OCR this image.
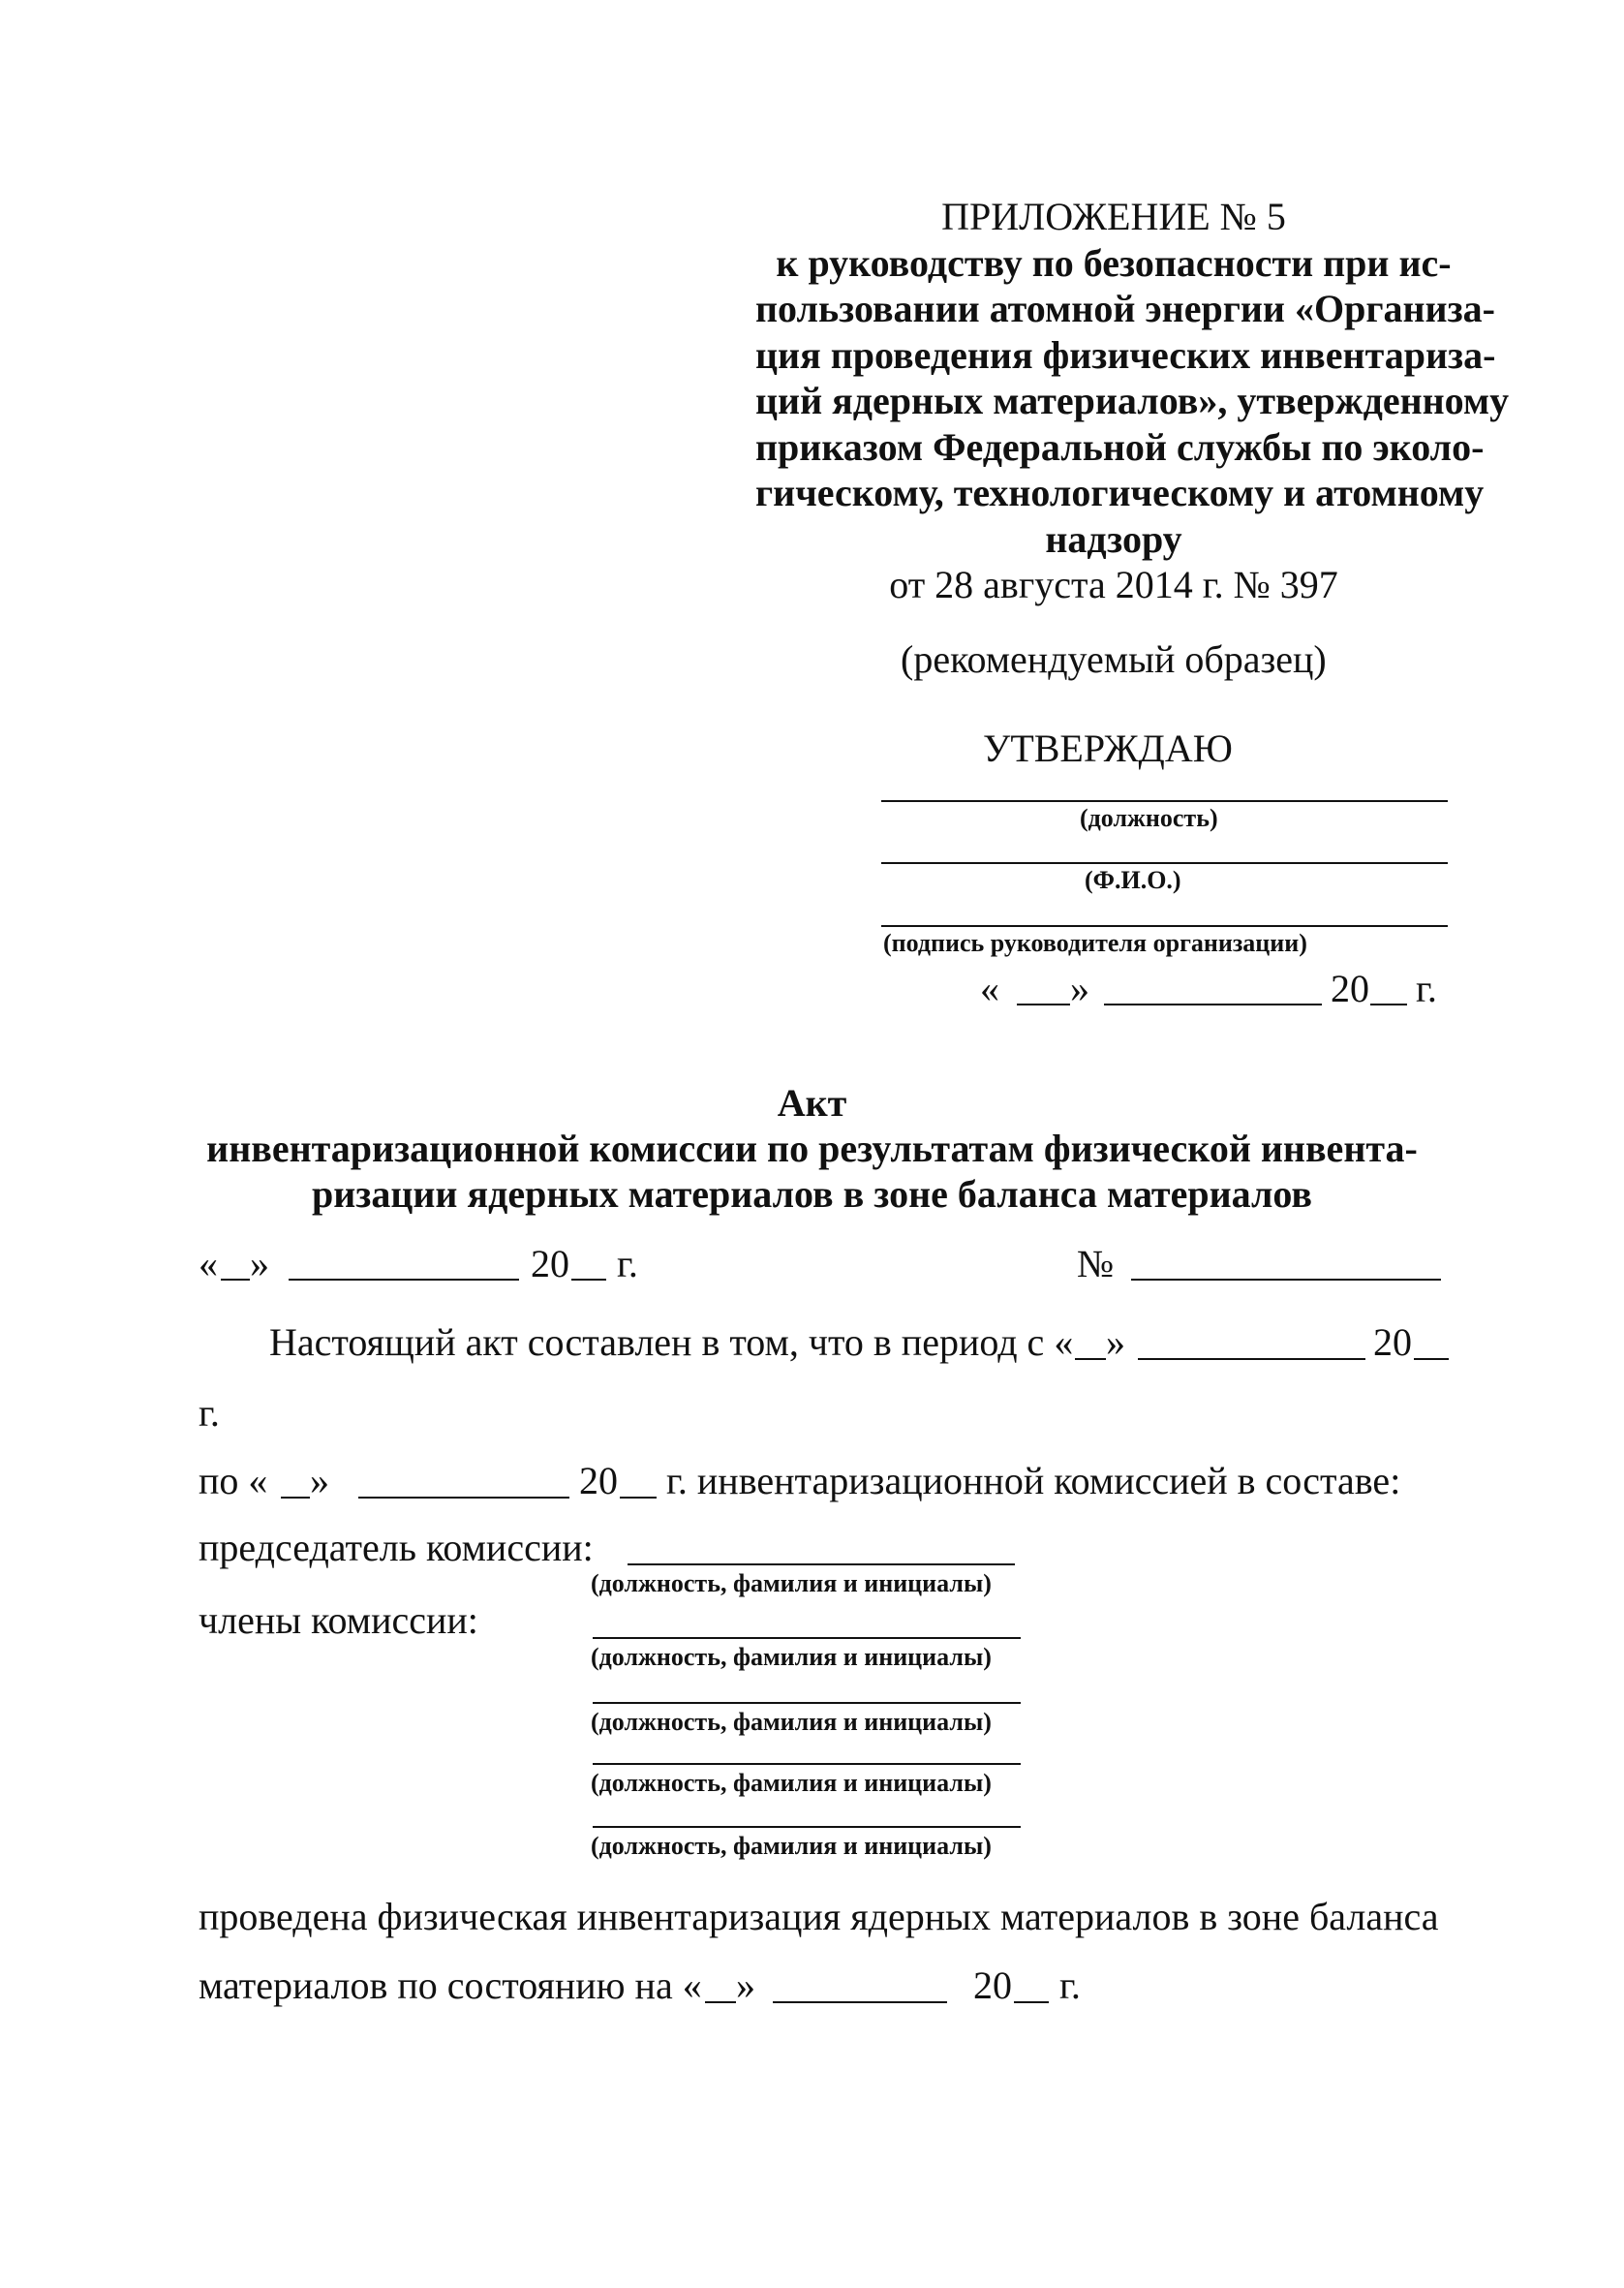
ПРИЛОЖЕНИЕ № 5
к руководству по безопасности при ис-
пользовании атомной энергии «Организа-
ция проведения физических инвентариза-
ций ядерных материалов», утвержденному
приказом Федеральной службы по эколо-
гическому, технологическому и атомному
надзору
от 28 августа 2014 г. № 397
(рекомендуемый образец)
УТВЕРЖДАЮ
(должность)
(Ф.И.О.)
(подпись руководителя организации)
« »	20 г.
Акт
инвентаризационной комиссии по результатам физической инвента-
ризации ядерных материалов в зоне баланса материалов
« »	20 г.	№
Настоящий акт составлен в том, что в период с « »	20
г.
по « »	20 г. инвентаризационной комиссией в составе:
председатель комиссии:
(должность, фамилия и инициалы)
члены комиссии:
(должность, фамилия и инициалы)
(должность, фамилия и инициалы)
(должность, фамилия и инициалы)
(должность, фамилия и инициалы)
проведена физическая инвентаризация ядерных материалов в зоне баланса
материалов по состоянию на « »	20 г.
